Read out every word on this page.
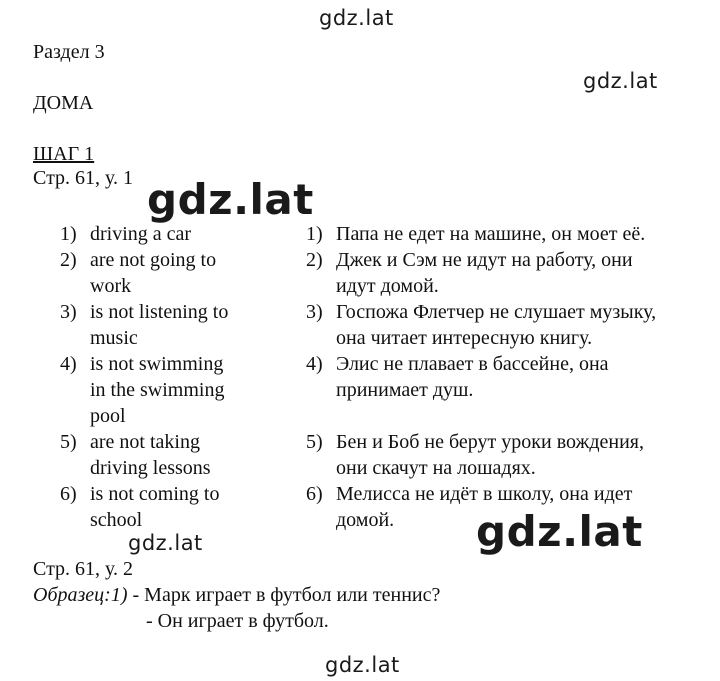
gdz.lat
gdz.lat
gdz.lat
gdz.lat	gdz.lat
gdz.lat
Раздел 3
ДОМА
ШАГ 1
Стр. 61, у. 1
1) driving a car
2) are not going to
work
3) is not listening to
music
4) is not swimming
in the swimming
pool
5) are not taking
driving lessons
6) is not coming to
school
1) Папа не едет на машине, он моет её.
2) Джек и Сэм не идут на работу, они
идут домой.
3) Госпожа Флетчер не слушает музыку,
она читает интересную книгу.
4) Элис не плавает в бассейне, она
принимает душ.
5) Бен и Боб не берут уроки вождения,
они скачут на лошадях.
6) Мелисса не идёт в школу, она идет
домой.
Стр. 61, у. 2
Образец:1) - Марк играет в футбол или теннис?
- Он играет в футбол.
